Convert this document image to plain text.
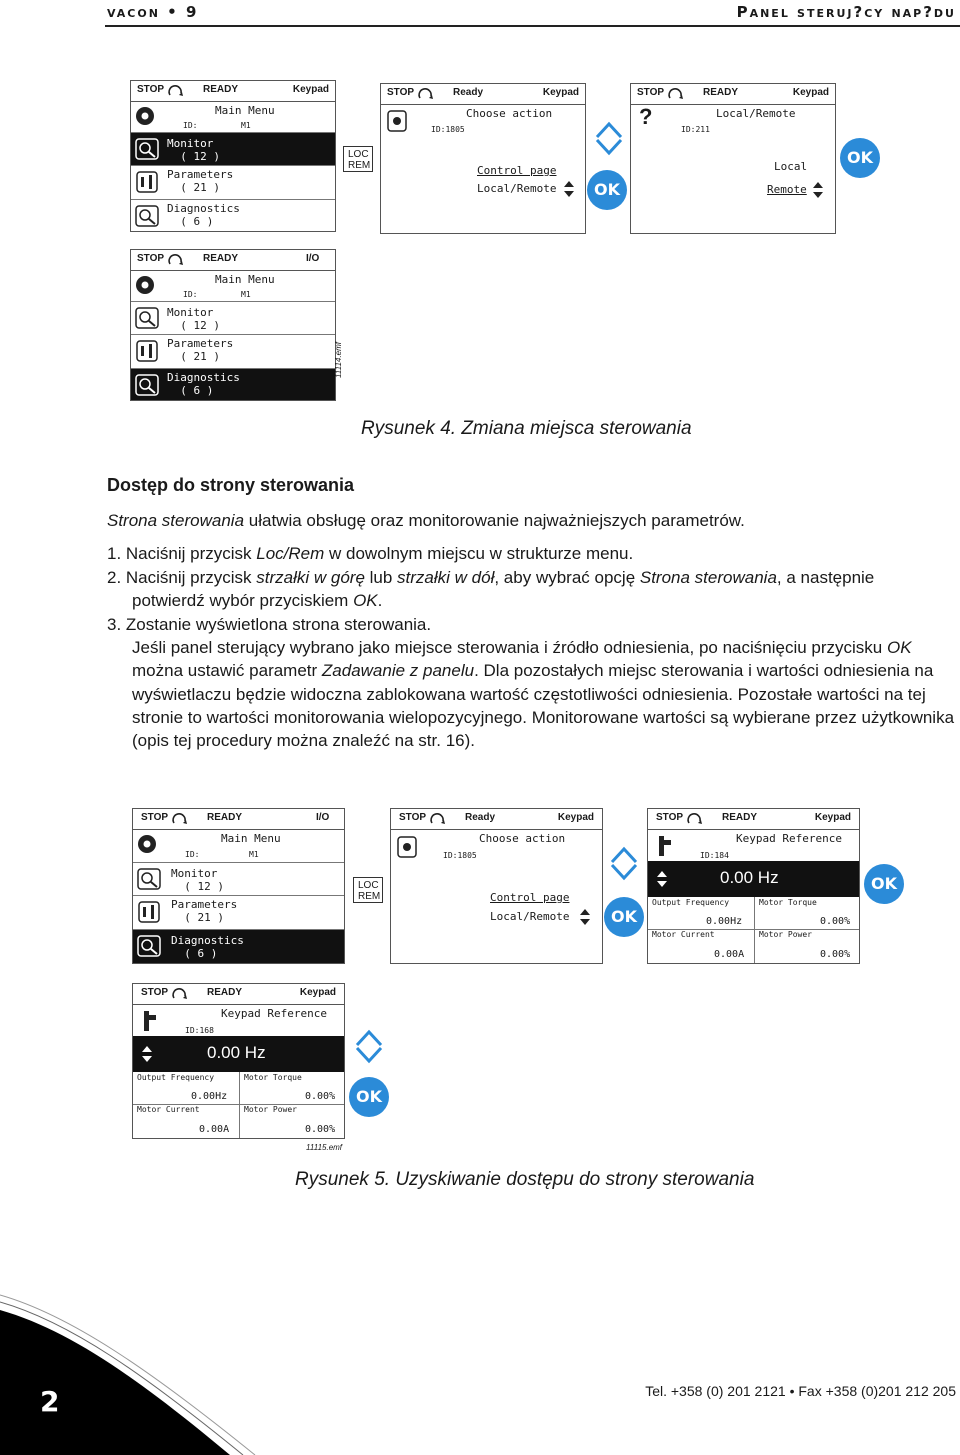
vacon • 9	Panel steruj?cy nap?du
STOP	READY	Keypad
Main Menu
ID:	M1
Monitor
( 12 )
Parameters
( 21 )
Diagnostics
( 6 )
LOC
REM
STOP	Ready	Keypad
Choose action
ID:1805
Control page
Local/Remote	OK
STOP	READY	Keypad
?	Local/Remote
ID:211
Local
Remote
OK
STOP	READY	I/O
Main Menu
ID:	M1
Monitor
( 12 )
Parameters
( 21 )
Diagnostics
( 6 )
11114.emf
Rysunek 4. Zmiana miejsca sterowania
Dostęp do strony sterowania
Strona sterowania ułatwia obsługę oraz monitorowanie najważniejszych parametrów.
1. Naciśnij przycisk Loc/Rem w dowolnym miejscu w strukturze menu.
2. Naciśnij przycisk strzałki w górę lub strzałki w dół, aby wybrać opcję Strona sterowania, a następnie potwierdź wybór przyciskiem OK.
3. Zostanie wyświetlona strona sterowania.
Jeśli panel sterujący wybrano jako miejsce sterowania i źródło odniesienia, po naciśnięciu przycisku OK można ustawić parametr Zadawanie z panelu. Dla pozostałych miejsc sterowania i wartości odniesienia na wyświetlaczu będzie widoczna zablokowana wartość częstotliwości odniesienia. Pozostałe wartości na tej stronie to wartości monitorowania wielopozycyjnego. Monitorowane wartości są wybierane przez użytkownika (opis tej procedury można znaleźć na str. 16).
STOP	READY	I/O
Main Menu
ID:	M1
Monitor
( 12 )
Parameters
( 21 )
Diagnostics
( 6 )
LOC
REM
STOP	Ready	Keypad
Choose action
ID:1805
Control page
Local/Remote	OK
STOP	READY	Keypad
Keypad Reference
ID:184
0.00 Hz
Output Frequency	Motor Torque
0.00Hz	0.00%
Motor Current	Motor Power
0.00A	0.00%
OK
STOP	READY	Keypad
Keypad Reference
ID:168
0.00 Hz
Output Frequency	Motor Torque
0.00Hz	0.00%
Motor Current	Motor Power
0.00A	0.00%
OK
11115.emf
Rysunek 5. Uzyskiwanie dostępu do strony sterowania
2	Tel. +358 (0) 201 2121 • Fax +358 (0)201 212 205
